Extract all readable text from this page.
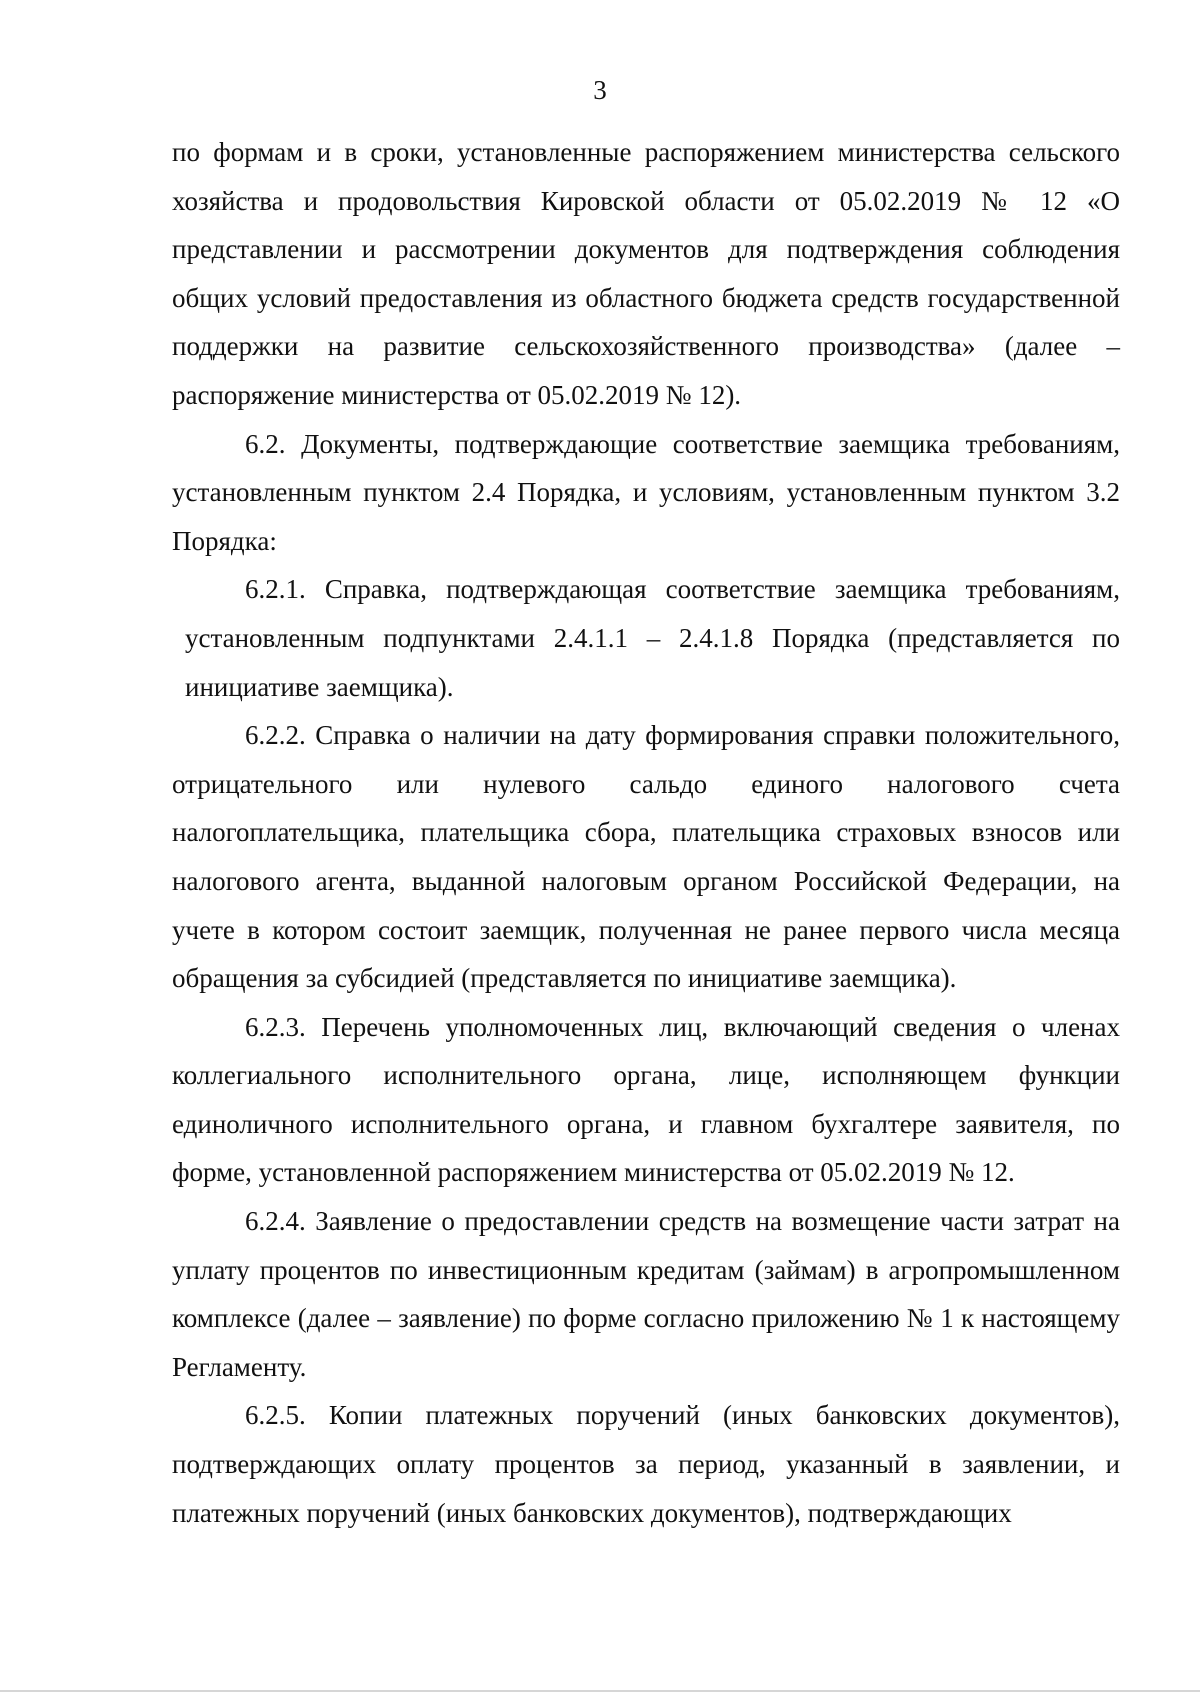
3

по формам и в сроки, установленные распоряжением министерства сельского хозяйства и продовольствия Кировской области от 05.02.2019 № 12 «О представлении и рассмотрении документов для подтверждения соблюдения общих условий предоставления из областного бюджета средств государственной поддержки на развитие сельскохозяйственного производства» (далее – распоряжение министерства от 05.02.2019 № 12).

6.2. Документы, подтверждающие соответствие заемщика требованиям, установленным пунктом 2.4 Порядка, и условиям, установленным пунктом 3.2 Порядка:

6.2.1. Справка, подтверждающая соответствие заемщика требованиям, установленным подпунктами 2.4.1.1 – 2.4.1.8 Порядка (представляется по инициативе заемщика).

6.2.2. Справка о наличии на дату формирования справки положительного, отрицательного или нулевого сальдо единого налогового счета налогоплательщика, плательщика сбора, плательщика страховых взносов или налогового агента, выданной налоговым органом Российской Федерации, на учете в котором состоит заемщик, полученная не ранее первого числа месяца обращения за субсидией (представляется по инициативе заемщика).

6.2.3. Перечень уполномоченных лиц, включающий сведения о членах коллегиального исполнительного органа, лице, исполняющем функции единоличного исполнительного органа, и главном бухгалтере заявителя, по форме, установленной распоряжением министерства от 05.02.2019 № 12.

6.2.4. Заявление о предоставлении средств на возмещение части затрат на уплату процентов по инвестиционным кредитам (займам) в агропромышленном комплексе (далее – заявление) по форме согласно приложению № 1 к настоящему Регламенту.

6.2.5. Копии платежных поручений (иных банковских документов), подтверждающих оплату процентов за период, указанный в заявлении, и платежных поручений (иных банковских документов), подтверждающих
